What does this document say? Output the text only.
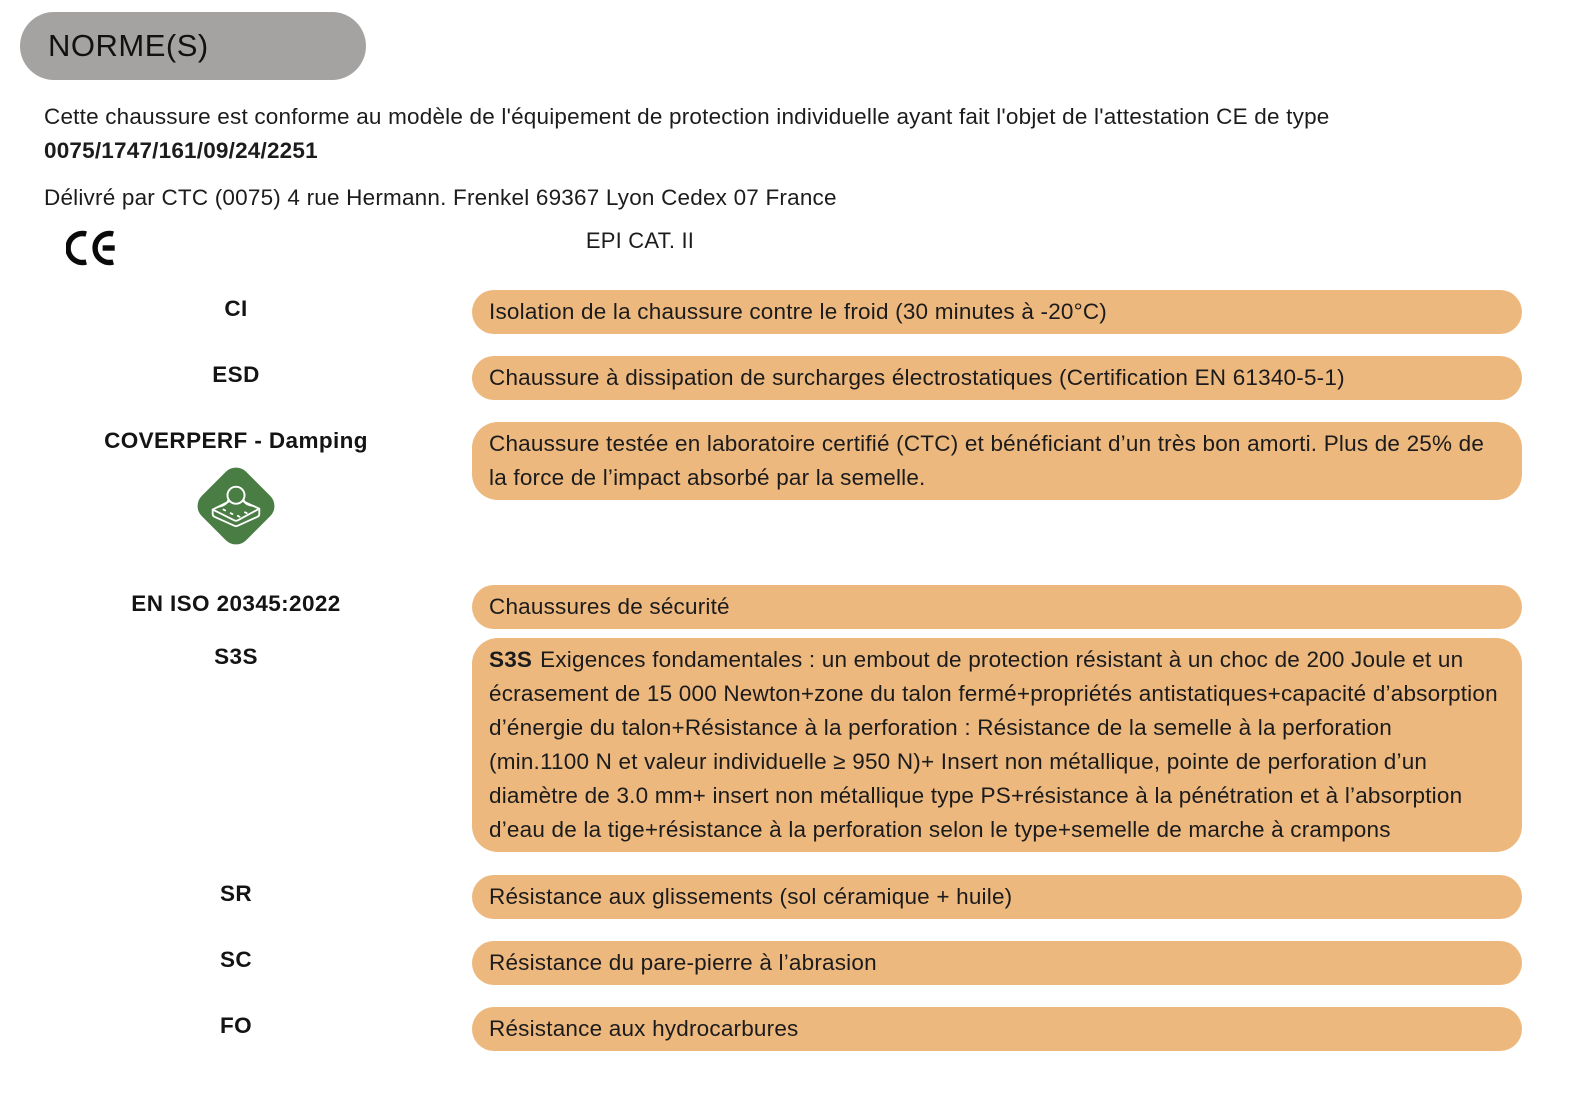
NORME(S)

Cette chaussure est conforme au modèle de l'équipement de protection individuelle ayant fait l'objet de l'attestation CE de type 0075/1747/161/09/24/2251

Délivré par CTC (0075) 4 rue Hermann. Frenkel 69367 Lyon Cedex 07 France

EPI CAT. II
CI	Isolation de la chaussure contre le froid (30 minutes à -20°C)
ESD	Chaussure à dissipation de surcharges électrostatiques (Certification EN 61340-5-1)
COVERPERF - Damping	Chaussure testée en laboratoire certifié (CTC) et bénéficiant d’un très bon amorti. Plus de 25% de la force de l’impact absorbé par la semelle.
EN ISO 20345:2022	Chaussures de sécurité
S3S	S3S Exigences fondamentales : un embout de protection résistant à un choc de 200 Joule et un écrasement de 15 000 Newton+zone du talon fermé+propriétés antistatiques+capacité d’absorption d’énergie du talon+Résistance à la perforation : Résistance de la semelle à la perforation (min.1100 N et valeur individuelle ≥ 950 N)+ Insert non métallique, pointe de perforation d’un diamètre de 3.0 mm+ insert non métallique type PS+résistance à la pénétration et à l’absorption d’eau de la tige+résistance à la perforation selon le type+semelle de marche à crampons
SR	Résistance aux glissements (sol céramique + huile)
SC	Résistance du pare-pierre à l’abrasion
FO	Résistance aux hydrocarbures
